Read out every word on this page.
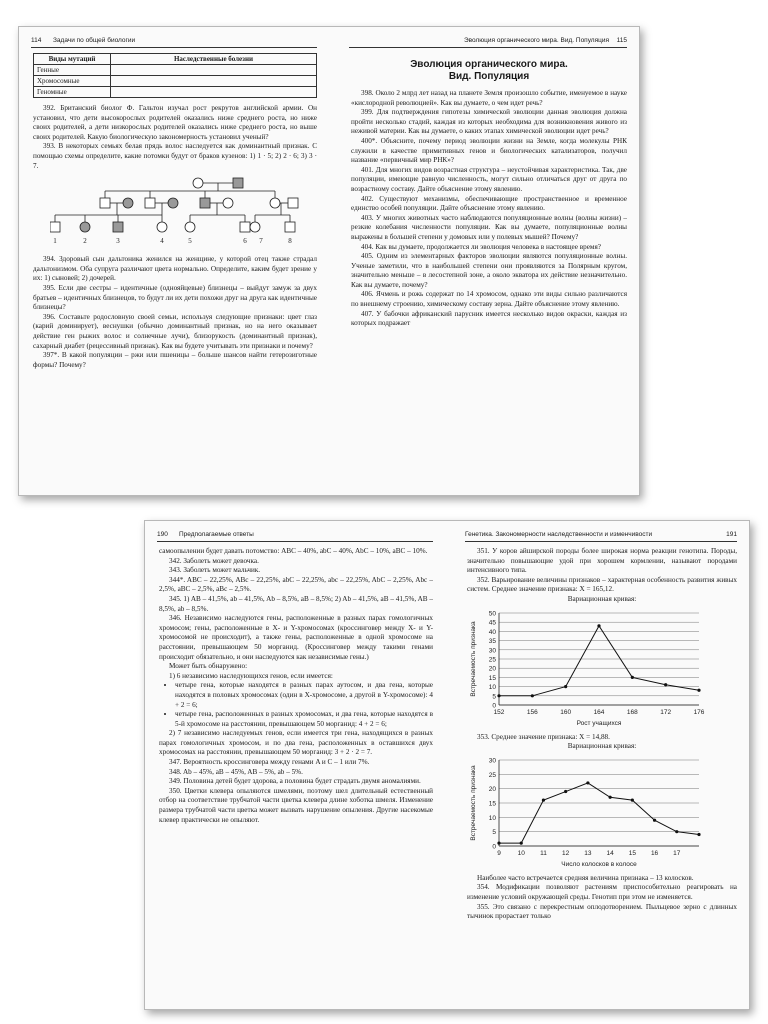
114 Задачи по общей биологии
Виды мутаций	Наследственные болезни
Генные	
Хромосомные	
Геномные	

392. Британский биолог Ф. Гальтон изучал рост рекрутов английской армии. Он установил, что дети высокорослых родителей оказались ниже среднего роста, но ниже своих родителей, а дети низкорослых родителей оказались ниже среднего роста, но выше своих родителей. Какую биологическую закономерность установил ученый?

393. В некоторых семьях белая прядь волос наследуется как доминантный признак. С помощью схемы определите, какие потомки будут от браков кузенов: 1) 1 · 5; 2) 2 · 6; 3) 3 · 7.

1	2	3	4	5	6 7	8

394. Здоровый сын дальтоника женился на женщине, у которой отец также страдал дальтонизмом. Оба супруга различают цвета нормально. Определите, каким будет зрение у их: 1) сыновей; 2) дочерей.

395. Если две сестры – идентичные (однояйцевые) близнецы – выйдут замуж за двух братьев – идентичных близнецов, то будут ли их дети похожи друг на друга как идентичные близнецы?

396. Составьте родословную своей семьи, используя следующие признаки: цвет глаз (карий доминирует), веснушки (обычно доминантный признак, но на него оказывает действие ген рыжих волос и солнечные лучи), близорукость (доминантный признак), сахарный диабет (рецессивный признак). Как вы будете учитывать эти признаки и почему?

397*. В какой популяции – ржи или пшеницы – больше шансов найти гетерозиготные формы? Почему?

Эволюция органического мира. Вид. Популяция 115
Эволюция органического мира.
Вид. Популяция

398. Около 2 млрд лет назад на планете Земля произошло событие, именуемое в науке «кислородной революцией». Как вы думаете, о чем идет речь?

399. Для подтверждения гипотезы химической эволюции данная эволюция должна пройти несколько стадий, каждая из которых необходима для возникновения живого из неживой материи. Как вы думаете, о каких этапах химической эволюции идет речь?

400*. Объясните, почему период эволюции жизни на Земле, когда молекулы РНК служили в качестве примитивных генов и биологических катализаторов, получил название «первичный мир РНК»?

401. Для многих видов возрастная структура – неустойчивая характеристика. Так, две популяции, имеющие равную численность, могут сильно отличаться друг от друга по возрастному составу. Дайте объяснение этому явлению.

402. Существуют механизмы, обеспечивающие пространственное и временное единство особей популяции. Дайте объяснение этому явлению.

403. У многих животных часто наблюдаются популяционные волны (волны жизни) – резкие колебания численности популяции. Как вы думаете, популяционные волны выражены в большей степени у домовых или у полевых мышей? Почему?

404. Как вы думаете, продолжается ли эволюция человека в настоящее время?

405. Одним из элементарных факторов эволюции являются популяционные волны. Ученые заметили, что в наибольшей степени они проявляются за Полярным кругом, значительно меньше – в лесостепной зоне, а около экватора их действие незначительно. Как вы думаете, почему?

406. Ячмень и рожь содержат по 14 хромосом, однако эти виды сильно различаются по внешнему строению, химическому составу зерна. Дайте объяснение этому явлению.

407. У бабочки африканский парусник имеется несколько видов окраски, каждая из которых подражает

190 Предполагаемые ответы

самоопылении будет давать потомство: ABC – 40%, abC – 40%, AbC – 10%, aBC – 10%.

342. Заболеть может девочка.

343. Заболеть может мальчик.

344*. ABC – 22,25%, ABc – 22,25%, abC – 22,25%, abc – 22,25%, AbC – 2,25%, Abc – 2,5%, aBC – 2,5%, aBc – 2,5%.

345. 1) AB – 41,5%, ab – 41,5%, Ab – 8,5%, aB – 8,5%; 2) Ab – 41,5%, aB – 41,5%, AB – 8,5%, ab – 8,5%.

346. Независимо наследуются гены, расположенные в разных парах гомологичных хромосом; гены, расположенные в X- и Y-хромосомах (кроссинговер между X- и Y-хромосомой не происходит), а также гены, расположенные в одной хромосоме на расстоянии, превышающем 50 морганид. (Кроссинговер между такими генами происходит обязательно, и они наследуются как независимые гены.)

Может быть обнаружено:

1) 6 независимо наследующихся генов, если имеется:

• четыре гена, которые находятся в разных парах аутосом, и два гена, которые находятся в половых хромосомах (один в X-хромосоме, а другой в Y-хромосоме): 4 + 2 = 6;
• четыре гена, расположенных в разных хромосомах, и два гена, которые находятся в 5-й хромосоме на расстоянии, превышающем 50 морганид: 4 + 2 = 6;

2) 7 независимо наследуемых генов, если имеется три гена, находящихся в разных парах гомологичных хромосом, и по два гена, расположенных в оставшихся двух хромосомах на расстоянии, превышающем 50 морганид: 3 + 2 · 2 = 7.

347. Вероятность кроссинговера между генами A и C – 1 или 7%.

348. Ab – 45%, aB – 45%, AB – 5%, ab – 5%.

349. Половина детей будет здорова, а половина будет страдать двумя аномалиями.

350. Цветки клевера опыляются шмелями, поэтому шел длительный естественный отбор на соответствие трубчатой части цветка клевера длине хоботка шмеля. Изменение размера трубчатой части цветка может вызвать нарушение опыления. Другие насекомые клевер практически не опыляют.

Генетика. Закономерности наследственности и изменчивости	191

351. У коров айширской породы более широкая норма реакции генотипа. Породы, значительно повышающие удой при хорошем кормлении, называют породами интенсивного типа.

352. Варьирование величины признаков – характерная особенность развития живых систем. Среднее значение признака: X = 165,12.

Вариационная кривая:

0
5
10
15
20
25
30
35
40
45
50
152	156	160	164	168	172	176
Рост учащихся
Встречаемость признака

353. Среднее значение признака: X = 14,88.

Вариационная кривая:

0
5
10
15
20
25
30
9	10 11 12 13 14 15 16 17
Число колосков в колосе
Встречаемость признака

Наиболее часто встречается средняя величина признака – 13 колосков.

354. Модификации позволяют растениям приспособительно реагировать на изменение условий окружающей среды. Генотип при этом не изменяется.

355. Это связано с перекрестным оплодотворением. Пыльцевое зерно с длинных тычинок прорастает только
